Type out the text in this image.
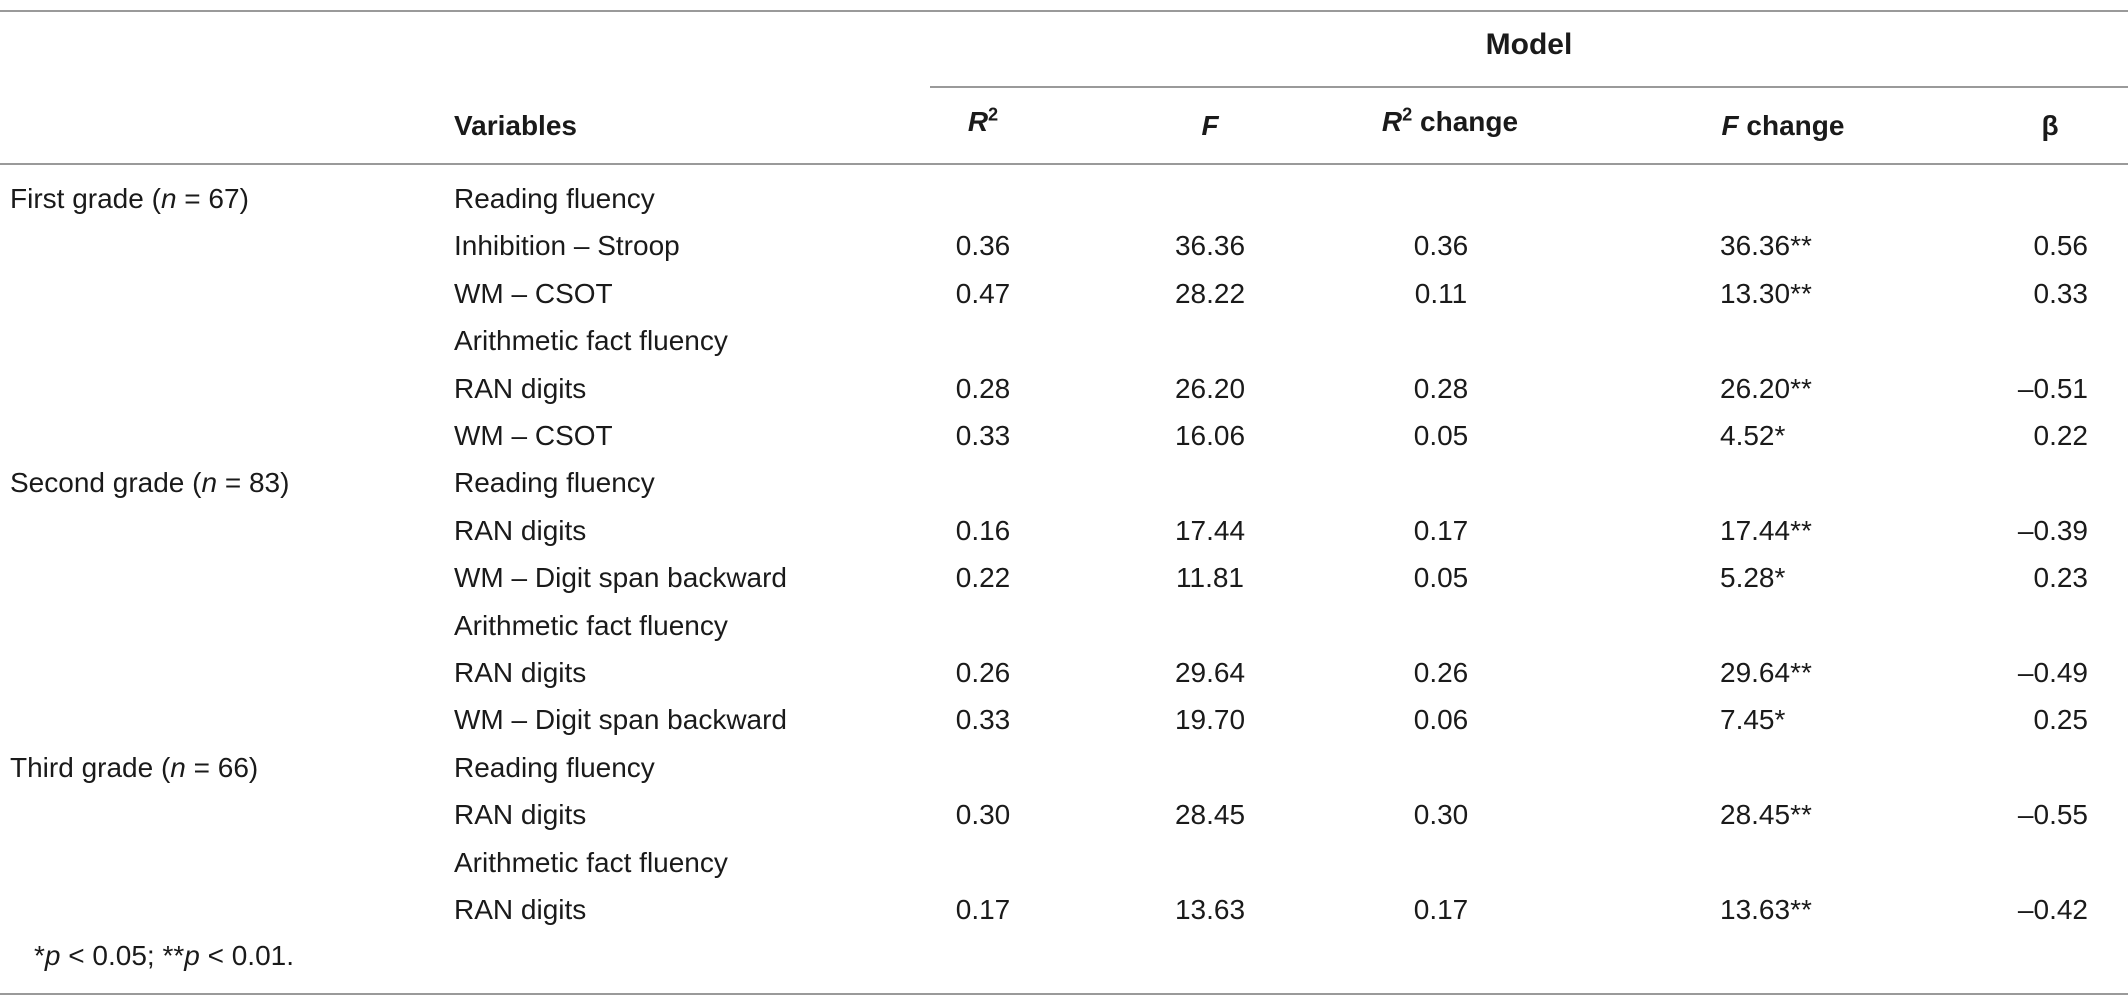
Model
Variables	$R^2$	F	$R^2$ change	F change	β
First grade (n = 67)	Reading fluency
Inhibition – Stroop	0.36	36.36	0.36	36.36**	0.56
WM – CSOT	0.47	28.22	0.11	13.30**	0.33
Arithmetic fact fluency
RAN digits	0.28	26.20	0.28	26.20**	–0.51
WM – CSOT	0.33	16.06	0.05	4.52*	0.22
Second grade (n = 83)	Reading fluency
RAN digits	0.16	17.44	0.17	17.44**	–0.39
WM – Digit span backward	0.22	11.81	0.05	5.28*	0.23
Arithmetic fact fluency
RAN digits	0.26	29.64	0.26	29.64**	–0.49
WM – Digit span backward	0.33	19.70	0.06	7.45*	0.25
Third grade (n = 66)	Reading fluency
RAN digits	0.30	28.45	0.30	28.45**	–0.55
Arithmetic fact fluency
RAN digits	0.17	13.63	0.17	13.63**	–0.42
*p < 0.05; **p < 0.01.
